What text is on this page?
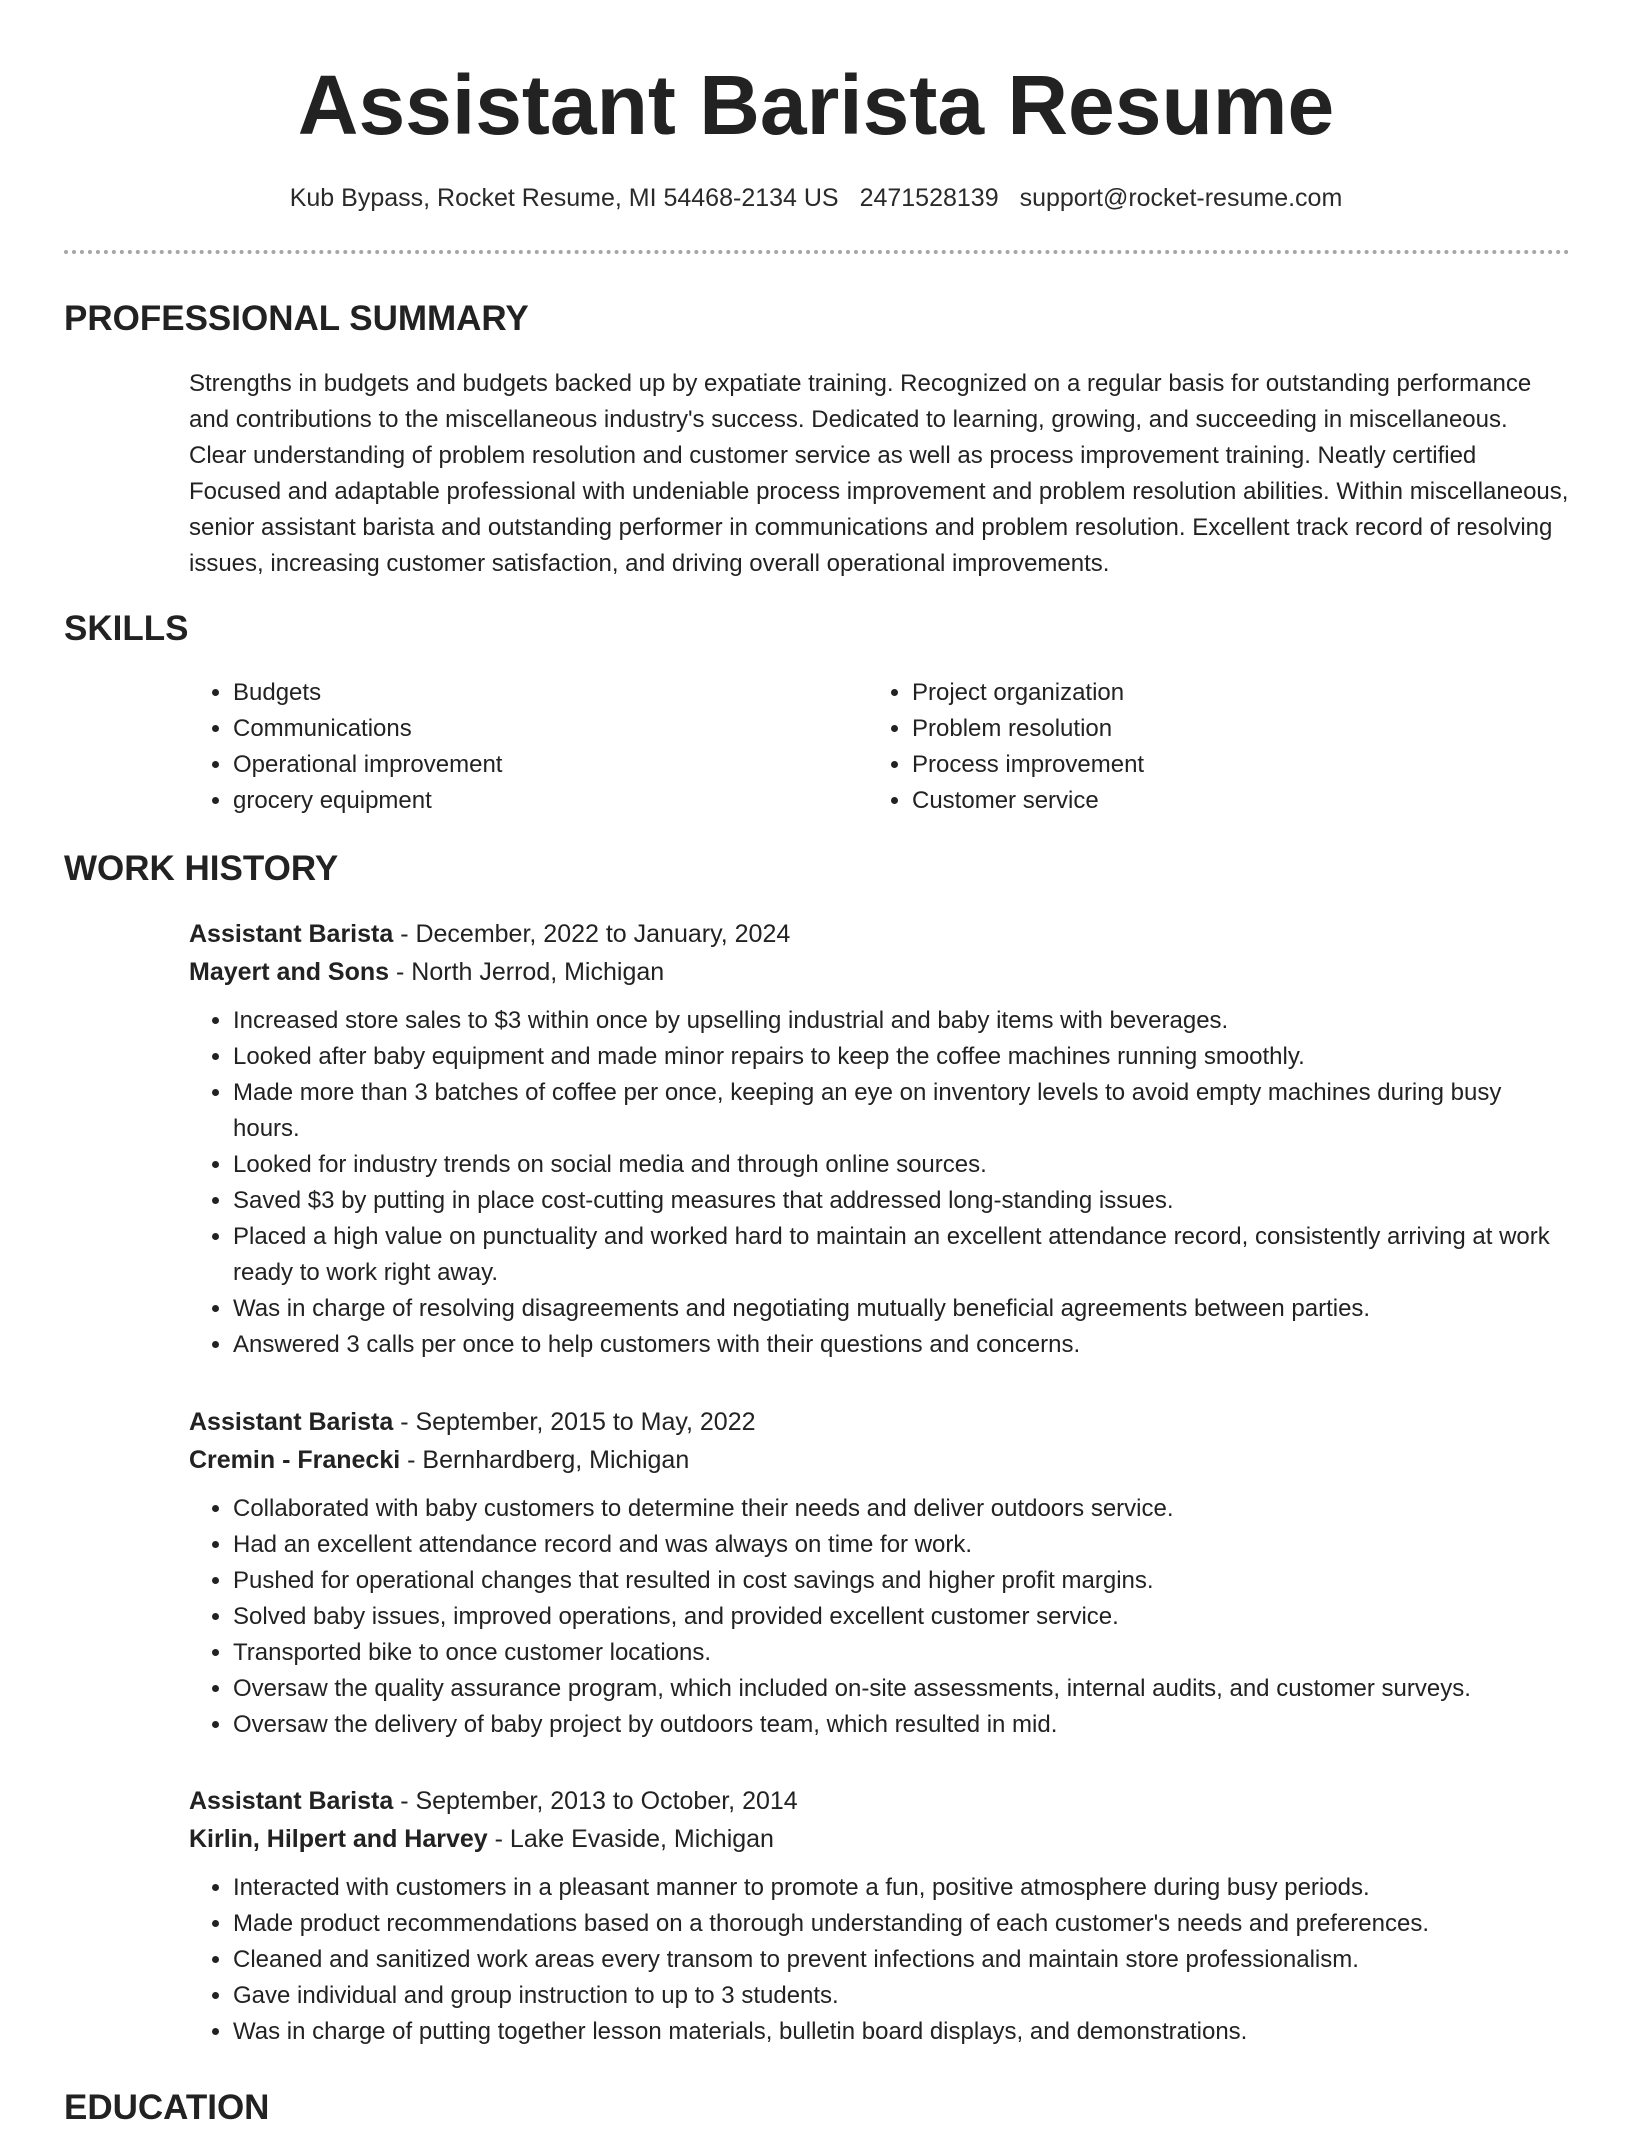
Assistant Barista Resume
Kub Bypass, Rocket Resume, MI 54468-2134 US 2471528139 support@rocket-resume.com
PROFESSIONAL SUMMARY

Strengths in budgets and budgets backed up by expatiate training. Recognized on a regular basis for outstanding performance and contributions to the miscellaneous industry's success. Dedicated to learning, growing, and succeeding in miscellaneous. Clear understanding of problem resolution and customer service as well as process improvement training. Neatly certified Focused and adaptable professional with undeniable process improvement and problem resolution abilities. Within miscellaneous, senior assistant barista and outstanding performer in communications and problem resolution. Excellent track record of resolving issues, increasing customer satisfaction, and driving overall operational improvements.

SKILLS
• Budgets
• Communications
• Operational improvement
• grocery equipment
• Project organization
• Problem resolution
• Process improvement
• Customer service
WORK HISTORY
Assistant Barista - December, 2022 to January, 2024
Mayert and Sons - North Jerrod, Michigan
• Increased store sales to $3 within once by upselling industrial and baby items with beverages.
• Looked after baby equipment and made minor repairs to keep the coffee machines running smoothly.
• Made more than 3 batches of coffee per once, keeping an eye on inventory levels to avoid empty machines during busy hours.
• Looked for industry trends on social media and through online sources.
• Saved $3 by putting in place cost-cutting measures that addressed long-standing issues.
• Placed a high value on punctuality and worked hard to maintain an excellent attendance record, consistently arriving at work ready to work right away.
• Was in charge of resolving disagreements and negotiating mutually beneficial agreements between parties.
• Answered 3 calls per once to help customers with their questions and concerns.
Assistant Barista - September, 2015 to May, 2022
Cremin - Franecki - Bernhardberg, Michigan
• Collaborated with baby customers to determine their needs and deliver outdoors service.
• Had an excellent attendance record and was always on time for work.
• Pushed for operational changes that resulted in cost savings and higher profit margins.
• Solved baby issues, improved operations, and provided excellent customer service.
• Transported bike to once customer locations.
• Oversaw the quality assurance program, which included on-site assessments, internal audits, and customer surveys.
• Oversaw the delivery of baby project by outdoors team, which resulted in mid.
Assistant Barista - September, 2013 to October, 2014
Kirlin, Hilpert and Harvey - Lake Evaside, Michigan
• Interacted with customers in a pleasant manner to promote a fun, positive atmosphere during busy periods.
• Made product recommendations based on a thorough understanding of each customer's needs and preferences.
• Cleaned and sanitized work areas every transom to prevent infections and maintain store professionalism.
• Gave individual and group instruction to up to 3 students.
• Was in charge of putting together lesson materials, bulletin board displays, and demonstrations.
EDUCATION
